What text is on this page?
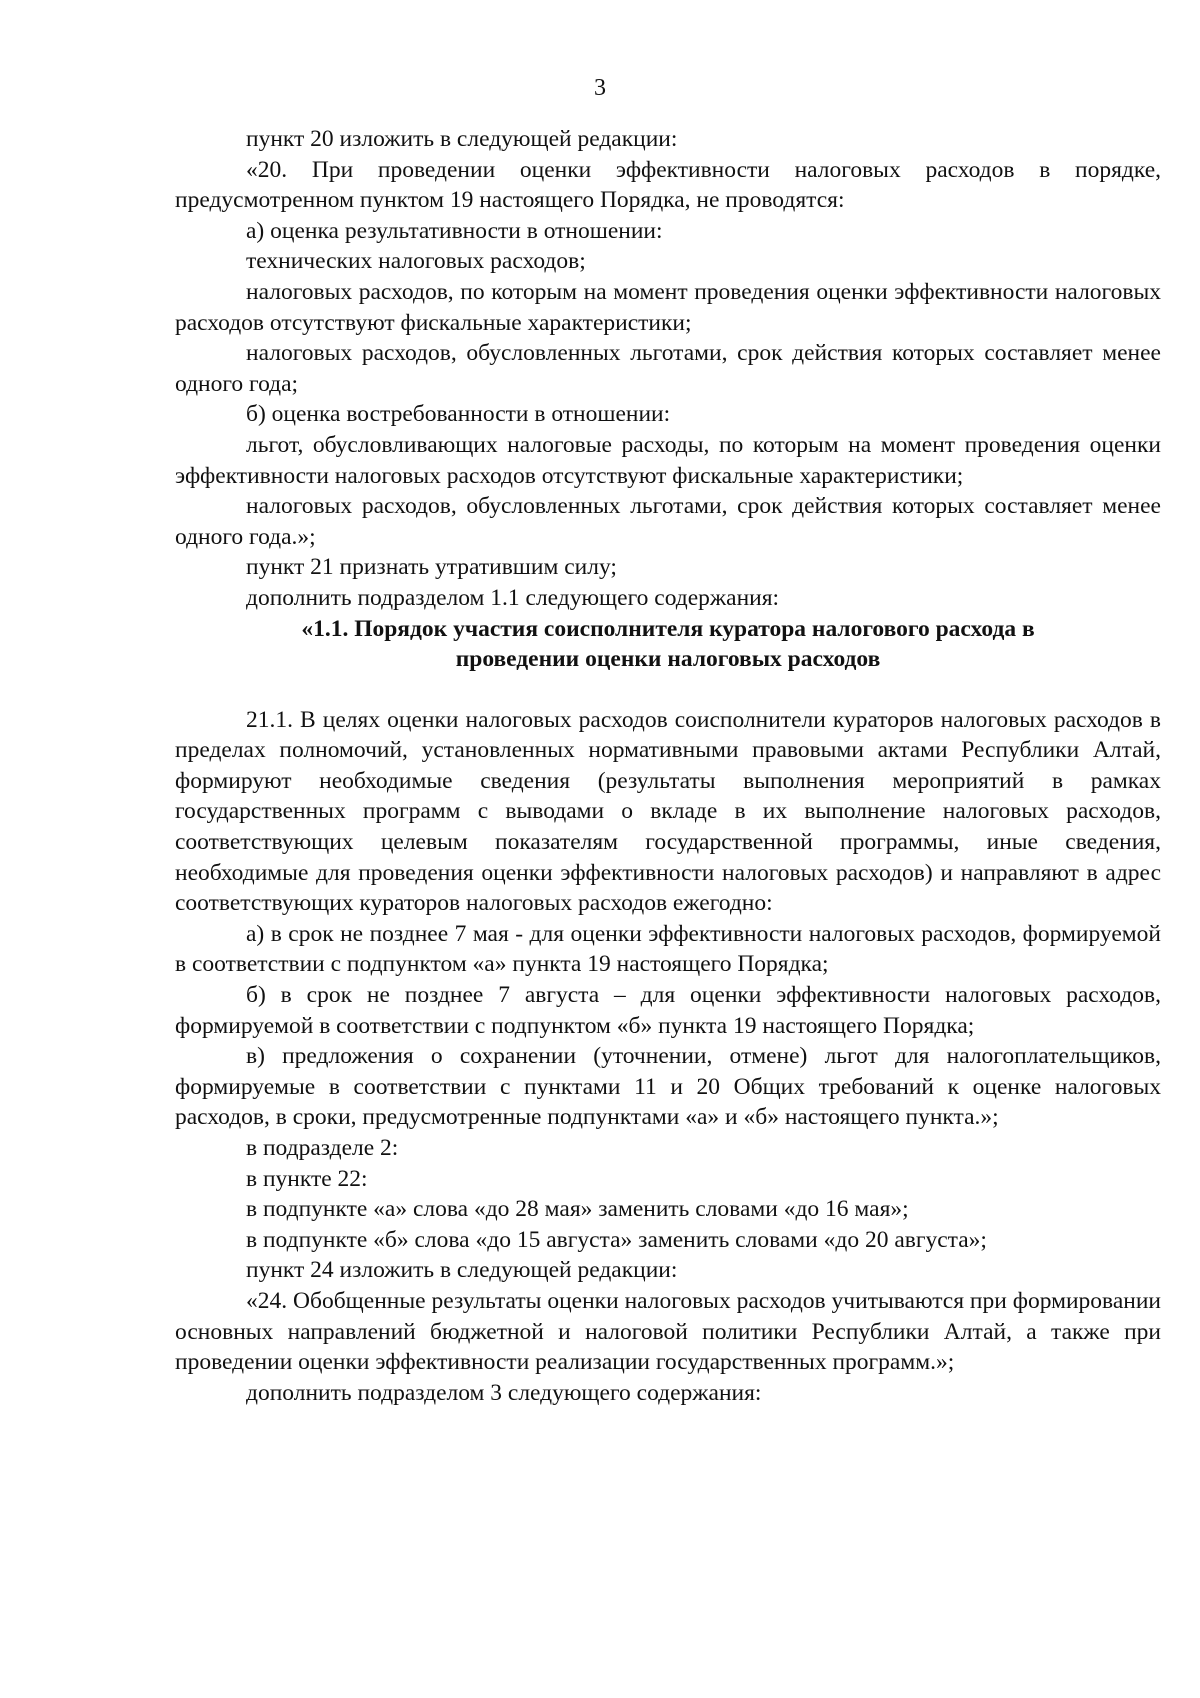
3

пункт 20 изложить в следующей редакции:

«20. При проведении оценки эффективности налоговых расходов в порядке, предусмотренном пунктом 19 настоящего Порядка, не проводятся:

а) оценка результативности в отношении:

технических налоговых расходов;

налоговых расходов, по которым на момент проведения оценки эффективности налоговых расходов отсутствуют фискальные характеристики;

налоговых расходов, обусловленных льготами, срок действия которых составляет менее одного года;

б) оценка востребованности в отношении:

льгот, обусловливающих налоговые расходы, по которым на момент проведения оценки эффективности налоговых расходов отсутствуют фискальные характеристики;

налоговых расходов, обусловленных льготами, срок действия которых составляет менее одного года.»;

пункт 21 признать утратившим силу;

дополнить подразделом 1.1 следующего содержания:

«1.1. Порядок участия соисполнителя куратора налогового расхода в

проведении оценки налоговых расходов

21.1. В целях оценки налоговых расходов соисполнители кураторов налоговых расходов в пределах полномочий, установленных нормативными правовыми актами Республики Алтай, формируют необходимые сведения (результаты выполнения мероприятий в рамках государственных программ с выводами о вкладе в их выполнение налоговых расходов, соответствующих целевым показателям государственной программы, иные сведения, необходимые для проведения оценки эффективности налоговых расходов) и направляют в адрес соответствующих кураторов налоговых расходов ежегодно:

а) в срок не позднее 7 мая - для оценки эффективности налоговых расходов, формируемой в соответствии с подпунктом «а» пункта 19 настоящего Порядка;

б) в срок не позднее 7 августа – для оценки эффективности налоговых расходов, формируемой в соответствии с подпунктом «б» пункта 19 настоящего Порядка;

в) предложения о сохранении (уточнении, отмене) льгот для налогоплательщиков, формируемые в соответствии с пунктами 11 и 20 Общих требований к оценке налоговых расходов, в сроки, предусмотренные подпунктами «а» и «б» настоящего пункта.»;

в подразделе 2:

в пункте 22:

в подпункте «а» слова «до 28 мая» заменить словами «до 16 мая»;

в подпункте «б» слова «до 15 августа» заменить словами «до 20 августа»;

пункт 24 изложить в следующей редакции:

«24. Обобщенные результаты оценки налоговых расходов учитываются при формировании основных направлений бюджетной и налоговой политики Республики Алтай, а также при проведении оценки эффективности реализации государственных программ.»;

дополнить подразделом 3 следующего содержания:
